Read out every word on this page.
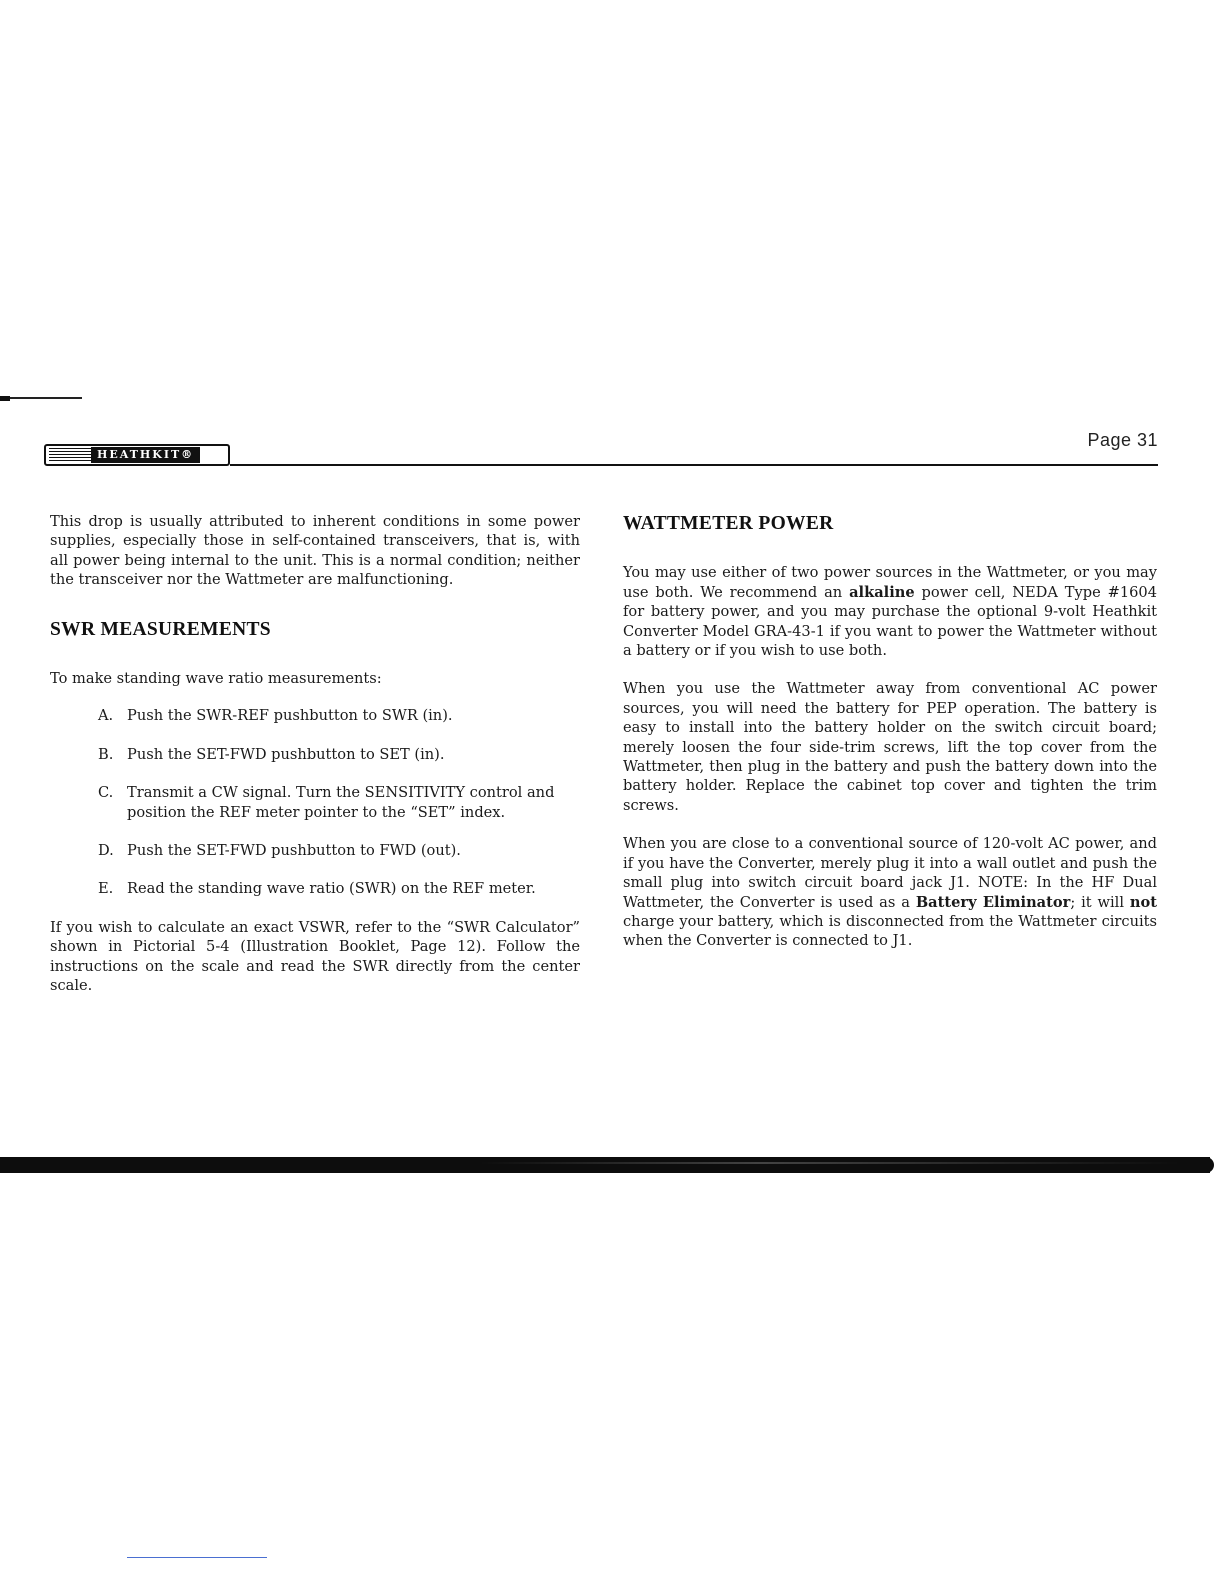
HEATHKIT®
Page 31

This drop is usually attributed to inherent conditions in some power supplies, especially those in self-contained transceivers, that is, with all power being internal to the unit. This is a normal condition; neither the transceiver nor the Wattmeter are malfunctioning.

SWR MEASUREMENTS

To make standing wave ratio measurements:

A. Push the SWR-REF pushbutton to SWR (in).
B. Push the SET-FWD pushbutton to SET (in).
C. Transmit a CW signal. Turn the SENSITIVITY control and position the REF meter pointer to the “SET” index.
D. Push the SET-FWD pushbutton to FWD (out).
E. Read the standing wave ratio (SWR) on the REF meter.

If you wish to calculate an exact VSWR, refer to the “SWR Calculator” shown in Pictorial 5-4 (Illustration Booklet, Page 12). Follow the instructions on the scale and read the SWR directly from the center scale.

WATTMETER POWER

You may use either of two power sources in the Wattmeter, or you may use both. We recommend an alkaline power cell, NEDA Type #1604 for battery power, and you may purchase the optional 9-volt Heathkit Converter Model GRA-43-1 if you want to power the Wattmeter without a battery or if you wish to use both.

When you use the Wattmeter away from conventional AC power sources, you will need the battery for PEP operation. The battery is easy to install into the battery holder on the switch circuit board; merely loosen the four side-trim screws, lift the top cover from the Wattmeter, then plug in the battery and push the battery down into the battery holder. Replace the cabinet top cover and tighten the trim screws.

When you are close to a conventional source of 120-volt AC power, and if you have the Converter, merely plug it into a wall outlet and push the small plug into switch circuit board jack J1. NOTE: In the HF Dual Wattmeter, the Converter is used as a Battery Eliminator; it will not charge your battery, which is disconnected from the Wattmeter circuits when the Converter is connected to J1.
